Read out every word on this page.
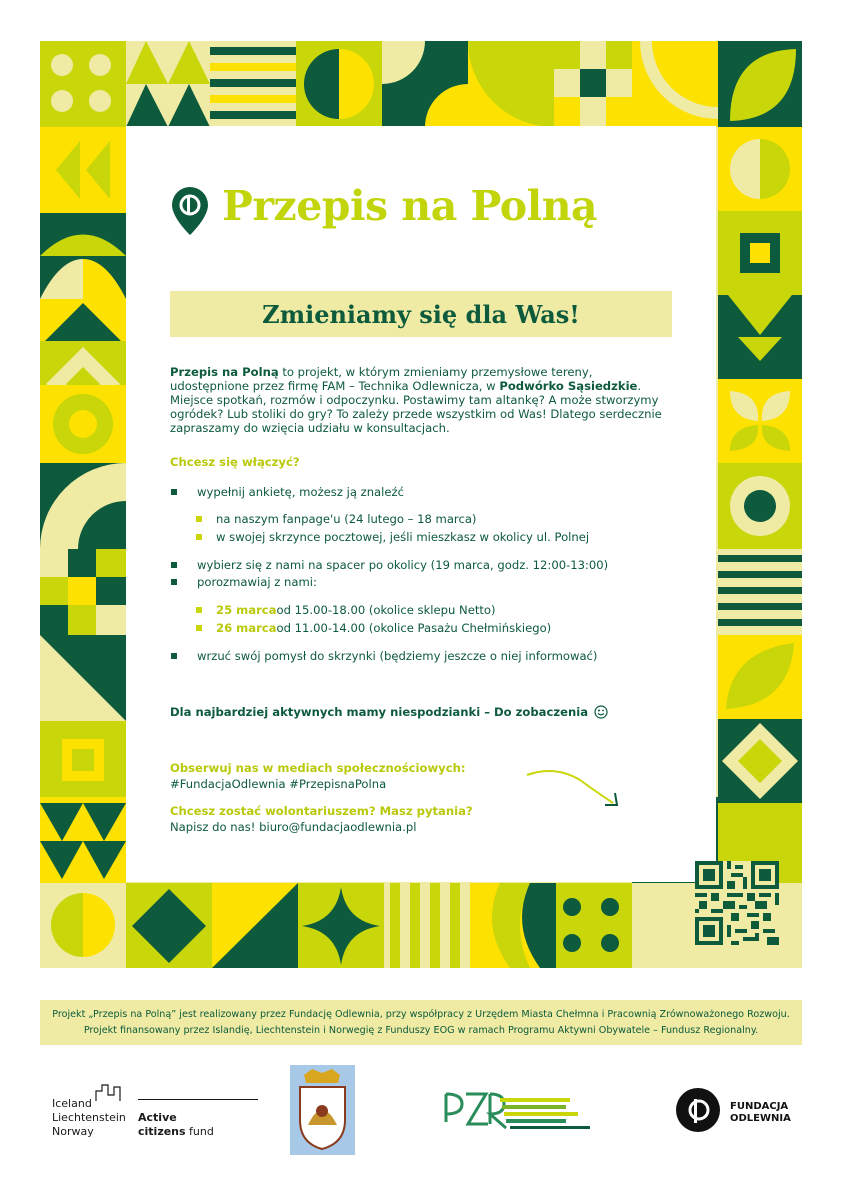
Przepis na Polną
Zmieniamy się dla Was!
Przepis na Polną to projekt, w którym zmieniamy przemysłowe tereny, udostępnione przez firmę FAM – Technika Odlewnicza, w Podwórko Sąsiedzkie. Miejsce spotkań, rozmów i odpoczynku. Postawimy tam altankę? A może stworzymy ogródek? Lub stoliki do gry? To zależy przede wszystkim od Was! Dlatego serdecznie zapraszamy do wzięcia udziału w konsultacjach.
Chcesz się włączyć?
wypełnij ankietę, możesz ją znaleźć
na naszym fanpage'u (24 lutego – 18 marca)
w swojej skrzynce pocztowej, jeśli mieszkasz w okolicy ul. Polnej
wybierz się z nami na spacer po okolicy (19 marca, godz. 12:00-13:00)
porozmawiaj z nami:
25 marca od 15.00-18.00 (okolice sklepu Netto)
26 marca od 11.00-14.00 (okolice Pasażu Chełmińskiego)
wrzuć swój pomysł do skrzynki (będziemy jeszcze o niej informować)
Dla najbardziej aktywnych mamy niespodzianki – Do zobaczenia
Obserwuj nas w mediach społecznościowych:
#FundacjaOdlewnia #PrzepisnaPolna
Chcesz zostać wolontariuszem? Masz pytania?
Napisz do nas! biuro@fundacjaodlewnia.pl
Projekt „Przepis na Polną” jest realizowany przez Fundację Odlewnia, przy współpracy z Urzędem Miasta Chełmna i Pracownią Zrównoważonego Rozwoju. Projekt finansowany przez Islandię, Liechtenstein i Norwegię z Funduszy EOG w ramach Programu Aktywni Obywatele – Fundusz Regionalny.
Iceland
Liechtenstein
Norway
Active
citizens fund
FUNDACJA
ODLEWNIA
